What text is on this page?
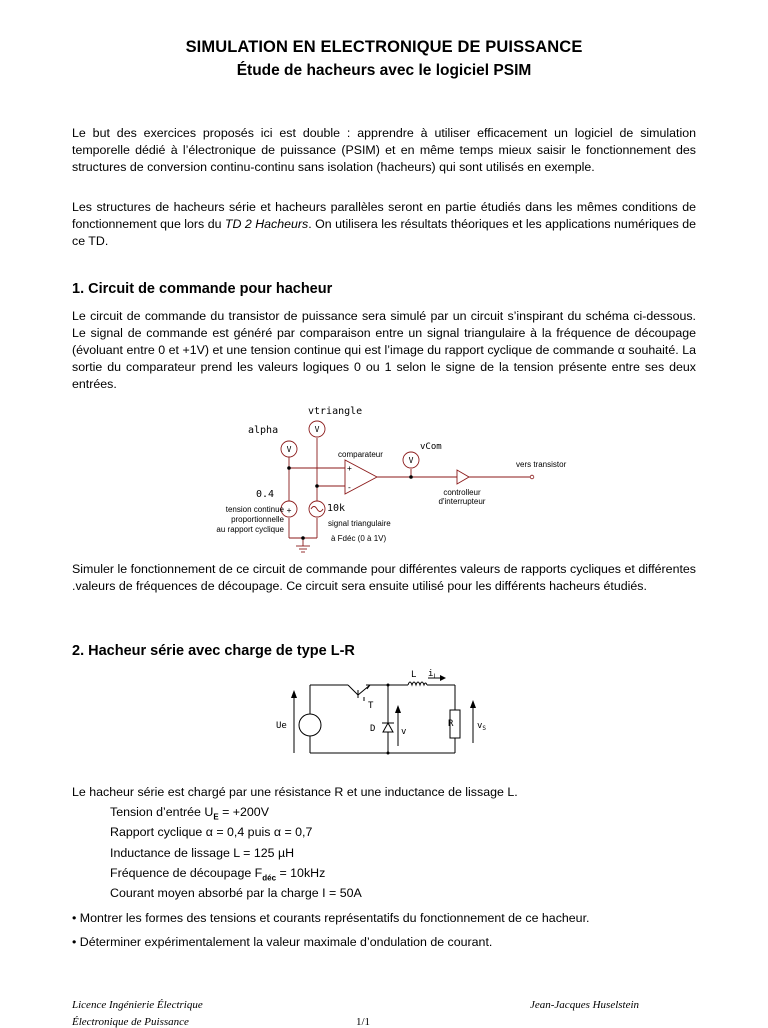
SIMULATION EN ELECTRONIQUE DE PUISSANCE
Étude de hacheurs avec le logiciel PSIM
Le but des exercices proposés ici est double : apprendre à utiliser efficacement un logiciel de simulation temporelle dédié à l’électronique de puissance (PSIM) et en même temps mieux saisir le fonctionnement des structures de conversion continu-continu sans isolation (hacheurs) qui sont utilisés en exemple.
Les structures de hacheurs série et hacheurs parallèles seront en partie étudiés dans les mêmes conditions de fonctionnement que lors du TD 2 Hacheurs. On utilisera les résultats théoriques et les applications numériques de ce TD.
1. Circuit de commande pour hacheur
Le circuit de commande du transistor de puissance sera simulé par un circuit s’inspirant du schéma ci-dessous. Le signal de commande est généré par comparaison entre un signal triangulaire à la fréquence de découpage (évoluant entre 0 et +1V) et une tension continue qui est l’image du rapport cyclique de commande α souhaité. La sortie du comparateur prend les valeurs logiques 0 ou 1 selon le signe de la tension présente entre ses deux entrées.
V
V
V
+
+
-
vtriangle
alpha
comparateur
vCom
vers transistor
0.4
tension continue
proportionnelle
au rapport cyclique
10k
signal triangulaire
à Fdéc (0 à 1V)
controlleur
d'interrupteur
Simuler le fonctionnement de ce circuit de commande pour différentes valeurs de rapports cycliques et différentes .valeurs de fréquences de découpage. Ce circuit sera ensuite utilisé pour les différents hacheurs étudiés.
2. Hacheur série avec charge de type L-R
Ue
T
D	v
L $i_L$
R	$v_S$
Le hacheur série est chargé par une résistance R et une inductance de lissage L.
Tension d’entrée $U_E = +200V$
Rapport cyclique α = 0,4 puis α = 0,7
Inductance de lissage L = 125 µH
Fréquence de découpage $F_{déc} = 10kHz$
Courant moyen absorbé par la charge I = 50A
• Montrer les formes des tensions et courants représentatifs du fonctionnement de ce hacheur.
• Déterminer expérimentalement la valeur maximale d’ondulation de courant.
Licence Ingénierie Électrique	Jean-Jacques Huselstein
Électronique de Puissance	1/1
